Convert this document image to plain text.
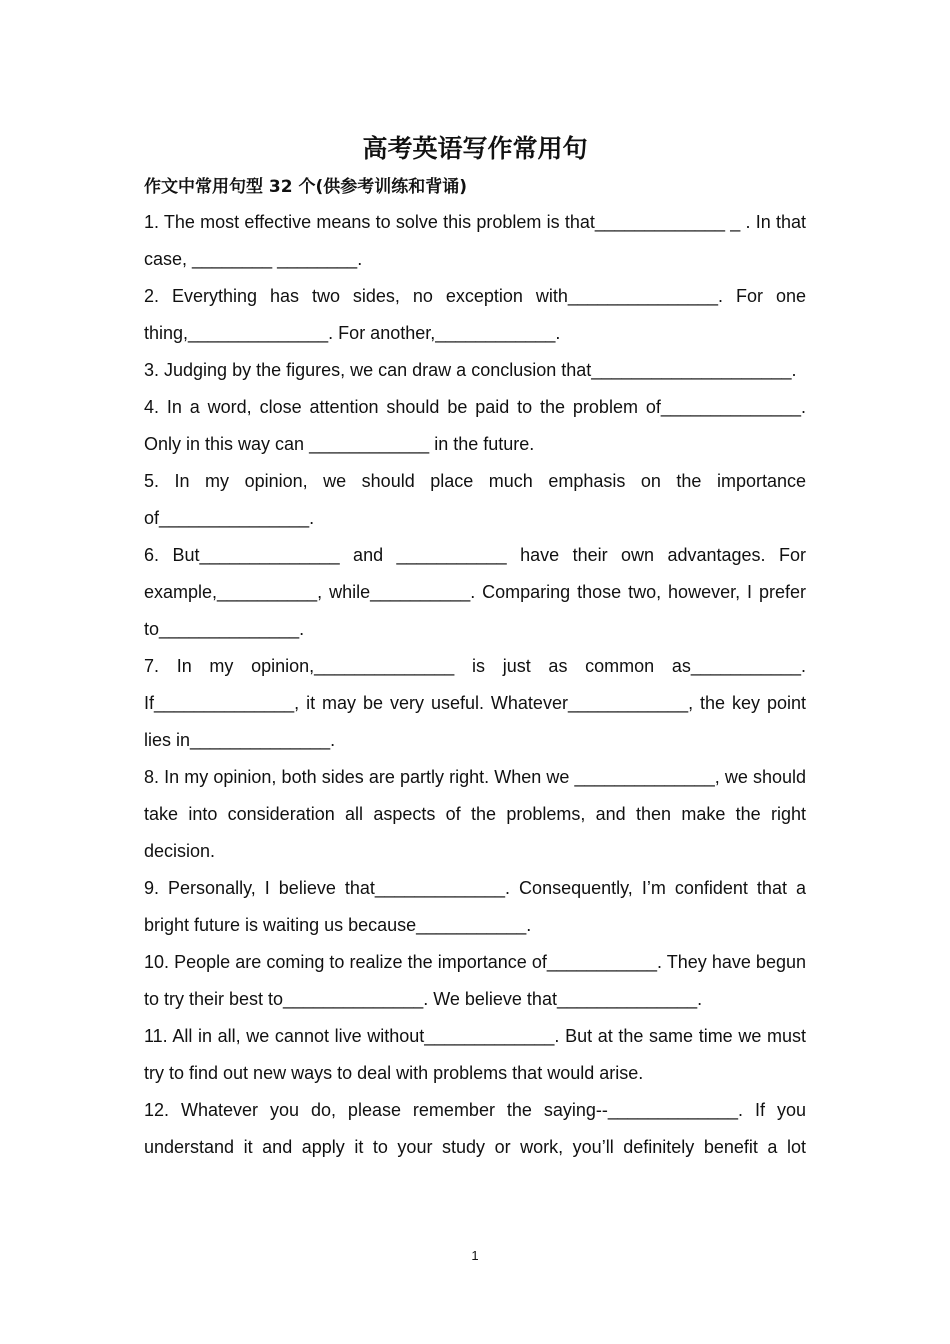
高考英语写作常用句
作文中常用句型 32 个(供参考训练和背诵)

1. The most effective means to solve this problem is that_____________ _ . In that case, ________ ________.

2. Everything has two sides, no exception with_______________. For one thing,______________. For another,____________.

3. Judging by the figures, we can draw a conclusion that____________________.

4. In a word, close attention should be paid to the problem of______________. Only in this way can ____________ in the future.

5. In my opinion, we should place much emphasis on the importance of_______________.

6. But______________ and ___________ have their own advantages. For example,__________, while__________. Comparing those two, however, I prefer to______________.

7. In my opinion,______________ is just as common as___________. If______________, it may be very useful. Whatever____________, the key point lies in______________.

8. In my opinion, both sides are partly right. When we ______________, we should take into consideration all aspects of the problems, and then make the right decision.

9. Personally, I believe that_____________. Consequently, I’m confident that a bright future is waiting us because___________.

10. People are coming to realize the importance of___________. They have begun to try their best to______________. We believe that______________.

11. All in all, we cannot live without_____________. But at the same time we must try to find out new ways to deal with problems that would arise.

12. Whatever you do, please remember the saying--_____________. If you understand it and apply it to your study or work, you’ll definitely benefit a lot

1
